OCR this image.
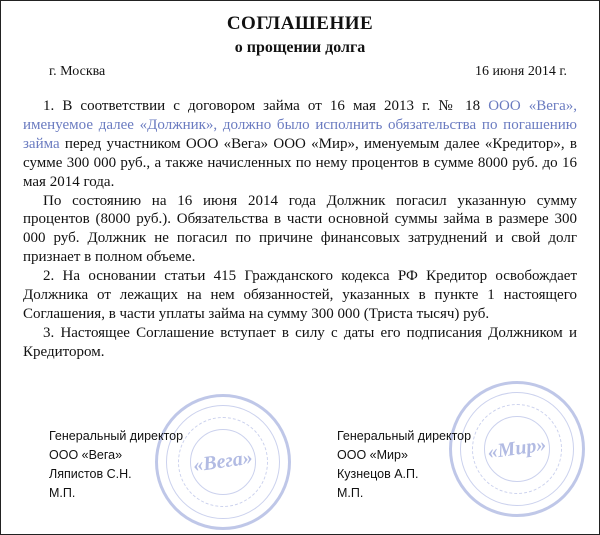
СОГЛАШЕНИЕ
о прощении долга
г. Москва	16 июня 2014 г.

1. В соответствии с договором займа от 16 мая 2013 г. № 18 ООО «Вега», именуемое далее «Должник», должно было исполнить обязательства по погашению займа перед участником ООО «Вега» ООО «Мир», именуемым далее «Кредитор», в сумме 300 000 руб., а также начисленных по нему процентов в сумме 8000 руб. до 16 мая 2014 года.

По состоянию на 16 июня 2014 года Должник погасил указанную сумму процентов (8000 руб.). Обязательства в части основной суммы займа в размере 300 000 руб. Должник не погасил по причине финансовых затруднений и свой долг признает в полном объеме.

2. На основании статьи 415 Гражданского кодекса РФ Кредитор освобождает Должника от лежащих на нем обязанностей, указанных в пункте 1 настоящего Соглашения, в части уплаты займа на сумму 300 000 (Триста тысяч) руб.

3. Настоящее Соглашение вступает в силу с даты его подписания Должником и Кредитором.

«Вега»	«Мир»
Генеральный директор
ООО «Вега»
Ляпистов С.Н.
М.П.
Генеральный директор
ООО «Мир»
Кузнецов А.П.
М.П.
